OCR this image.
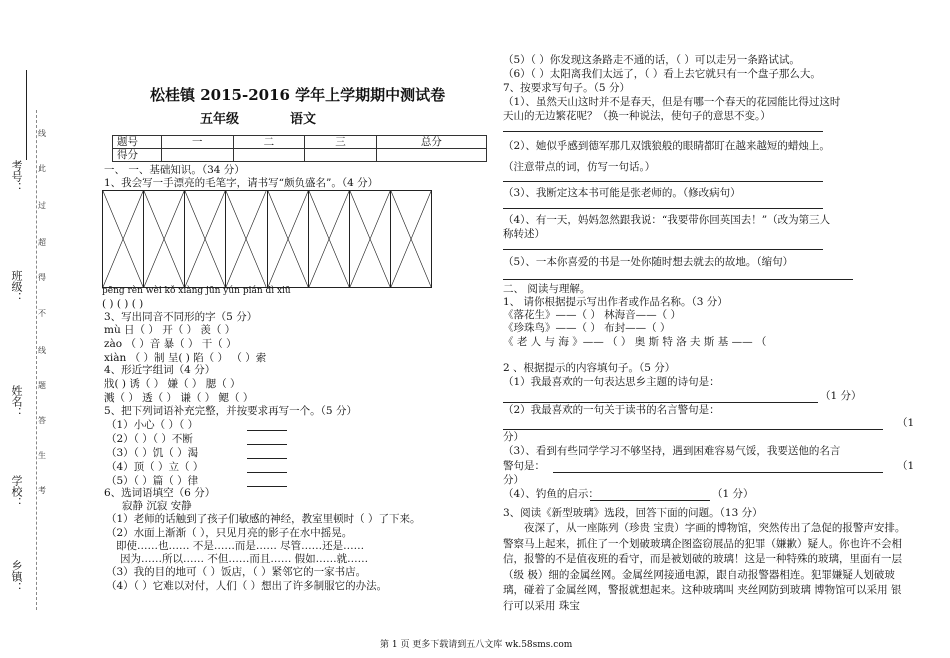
考号：
班级：
姓名：
学校：
乡镇：
线
此
过
超
得
不
线
题
答
生
考
松桂镇 2015-2016 学年上学期期中测试卷
五年级	语文
题号	一	二	三	总分
得分				
一、 一、基础知识。（34 分）
1、我会写一手漂亮的毛笔字，请书写“颇负盛名”。（4 分）
pēng rèn wèi kǒ xiàng jūn yún pián dì xiū
( ) ( ) ( )
3、写出同音不同形的字（5 分）
mù 日（ ） 开（ ） 羡（ ）
zào （ ）音 暴（ ） 干（ ）
xiàn （ ）制 呈( ) 陷（ ） （ ）索
4、形近字组词（4 分）
戕( ) 诱（ ） 嫌（ ） 腮（ ）
溅（ ） 透（ ） 谦（ ） 鳃（ ）
5、把下列词语补充完整，并按要求再写一个。（5 分）
（1）小心（ ）（ ）
（2）（ ）（ ）不断
（3）（ ）饥（ ）渴
（4）顶（ ）立（ ）
（5）（ ）篇（ ）律
6、选词语填空（6 分）
寂静 沉寂 安静
（1）老师的话触到了孩子们敏感的神经，教室里顿时（ ）了下来。
（2）水面上渐渐（ ），只见月亮的影子在水中摇晃。
即使……也…… 不是……而是…… 尽管……还是……
因为……所以…… 不但……而且…… 假如……就……
（3）我的目的地可（ ）饭店，（ ）紧邻它的一家书店。
（4）（ ）它难以对付，人们（ ）想出了许多制服它的办法。
（5）（ ）你发现这条路走不通的话，（ ）可以走另一条路试试。
（6）（ ）太阳离我们太远了，（ ）看上去它就只有一个盘子那么大。
7、按要求写句子。（5 分）
（1）、虽然天山这时并不是春天，但是有哪一个春天的花园能比得过这时
天山的无边繁花呢？（换一种说法，使句子的意思不变。）
（2）、她似乎感到德军那几双饿狼般的眼睛都盯在越来越短的蜡烛上。
（注意带点的词，仿写一句话。）
（3）、我断定这本书可能是张老师的。（修改病句）
（4）、有一天，妈妈忽然跟我说：“我要带你回英国去！”（改为第三人
称转述）
（5）、一本你喜爱的书是一处你随时想去就去的故地。（缩句）
二、 阅读与理解。
1、 请你根据提示写出作者或作品名称。（3 分）
《落花生》——（ ） 林海音——（ ）
《珍珠鸟》——（ ） 布封——（ ）
《 老 人 与 海 》—— （ ） 奥 斯 特 洛 夫 斯 基 —— （
2 、根据提示的内容填句子。（5 分）
（1）我最喜欢的一句表达思乡主题的诗句是：
（1 分）
（2）我最喜欢的一句关于读书的名言警句是：
（1
分）
（3）、看到有些同学学习不够坚持，遇到困难容易气馁，我要送他的名言
警句是：	（1
分）
（4）、钓鱼的启示：	（1 分）
3、阅读《新型玻璃》选段，回答下面的问题。（13 分）
夜深了，从一座陈列（珍贵 宝贵）字画的博物馆，突然传出了急促的报警声安排。警察马上起来，抓住了一个划破玻璃企图盗窃展品的犯罪（嫌歉）疑人。你也许不会相信，报警的不是值夜班的看守，而是被划破的玻璃！这是一种特殊的玻璃，里面有一层（级 极）细的金属丝网。金属丝网接通电源，跟自动报警器相连。犯罪嫌疑人划破玻璃，碰着了金属丝网，警报就想起来。这种玻璃叫 夹丝网防到玻璃 博物馆可以采用 银行可以采用 珠宝
第 1 页 更多下载请到五八文库 wk.58sms.com
